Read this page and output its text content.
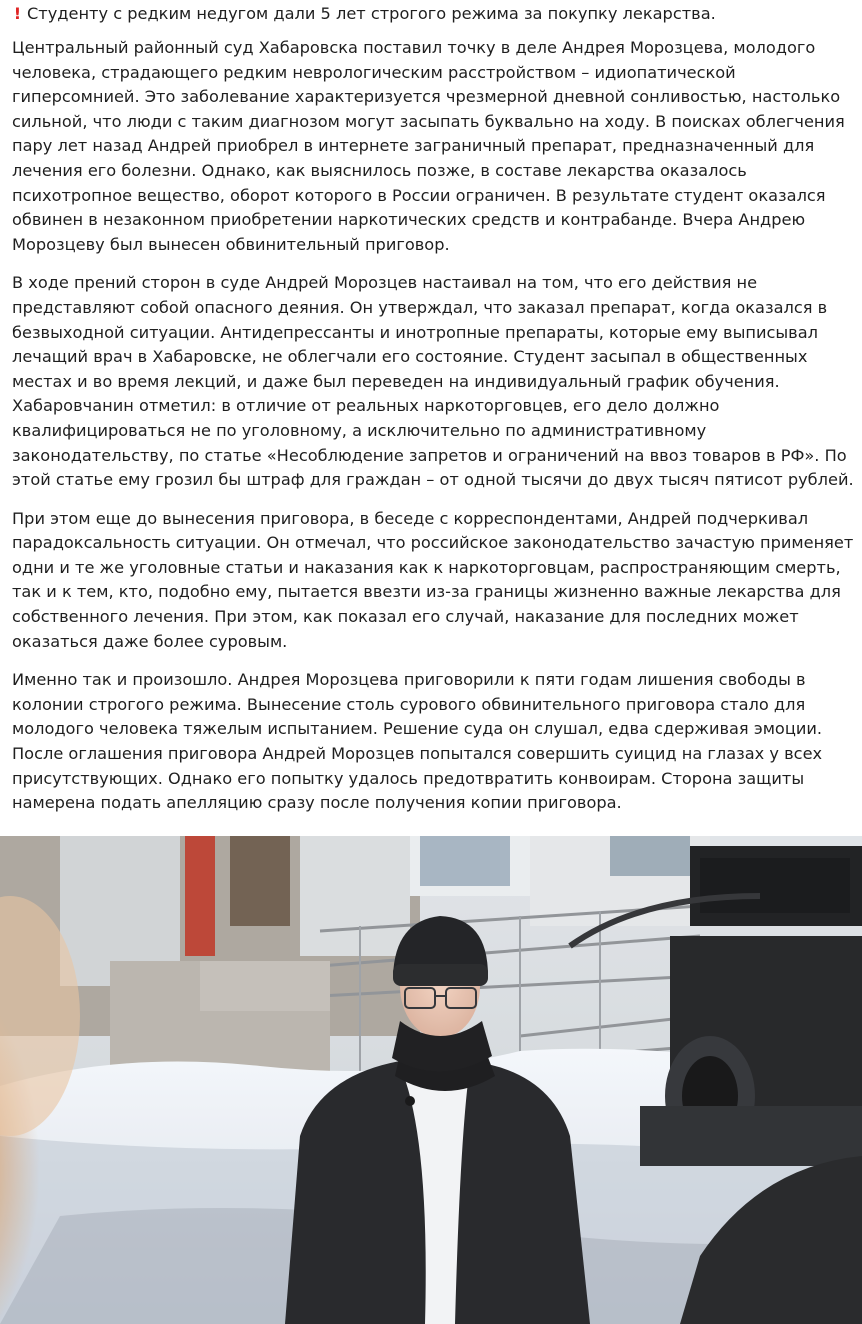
! Студенту с редким недугом дали 5 лет строгого режима за покупку лекарства.

Центральный районный суд Хабаровска поставил точку в деле Андрея Морозцева, молодого
человека, страдающего редким неврологическим расстройством – идиопатической
гиперсомнией. Это заболевание характеризуется чрезмерной дневной сонливостью, настолько
сильной, что люди с таким диагнозом могут засыпать буквально на ходу. В поисках облегчения
пару лет назад Андрей приобрел в интернете заграничный препарат, предназначенный для
лечения его болезни. Однако, как выяснилось позже, в составе лекарства оказалось
психотропное вещество, оборот которого в России ограничен. В результате студент оказался
обвинен в незаконном приобретении наркотических средств и контрабанде. Вчера Андрею
Морозцеву был вынесен обвинительный приговор.
В ходе прений сторон в суде Андрей Морозцев настаивал на том, что его действия не
представляют собой опасного деяния. Он утверждал, что заказал препарат, когда оказался в
безвыходной ситуации. Антидепрессанты и инотропные препараты, которые ему выписывал
лечащий врач в Хабаровске, не облегчали его состояние. Студент засыпал в общественных
местах и во время лекций, и даже был переведен на индивидуальный график обучения.
Хабаровчанин отметил: в отличие от реальных наркоторговцев, его дело должно
квалифицироваться не по уголовному, а исключительно по административному
законодательству, по статье «Несоблюдение запретов и ограничений на ввоз товаров в РФ». По
этой статье ему грозил бы штраф для граждан – от одной тысячи до двух тысяч пятисот рублей.
При этом еще до вынесения приговора, в беседе с корреспондентами, Андрей подчеркивал
парадоксальность ситуации. Он отмечал, что российское законодательство зачастую применяет
одни и те же уголовные статьи и наказания как к наркоторговцам, распространяющим смерть,
так и к тем, кто, подобно ему, пытается ввезти из-за границы жизненно важные лекарства для
собственного лечения. При этом, как показал его случай, наказание для последних может
оказаться даже более суровым.
Именно так и произошло. Андрея Морозцева приговорили к пяти годам лишения свободы в
колонии строгого режима. Вынесение столь сурового обвинительного приговора стало для
молодого человека тяжелым испытанием. Решение суда он слушал, едва сдерживая эмоции.
После оглашения приговора Андрей Морозцев попытался совершить суицид на глазах у всех
присутствующих. Однако его попытку удалось предотвратить конвоирам. Сторона защиты
намерена подать апелляцию сразу после получения копии приговора.
